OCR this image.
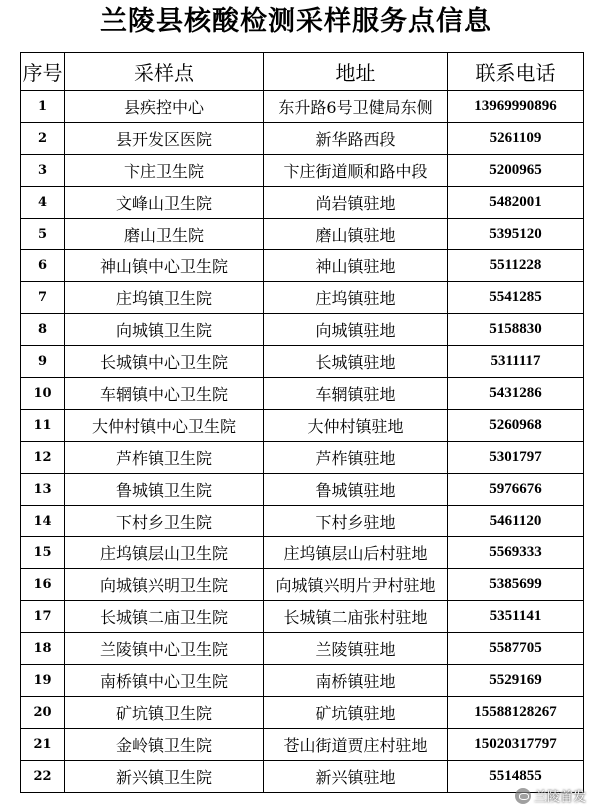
兰陵县核酸检测采样服务点信息
序号	采样点	地址	联系电话
1	县疾控中心	东升路6号卫健局东侧	13969990896
2	县开发区医院	新华路西段	5261109
3	卞庄卫生院	卞庄街道顺和路中段	5200965
4	文峰山卫生院	尚岩镇驻地	5482001
5	磨山卫生院	磨山镇驻地	5395120
6	神山镇中心卫生院	神山镇驻地	5511228
7	庄坞镇卫生院	庄坞镇驻地	5541285
8	向城镇卫生院	向城镇驻地	5158830
9	长城镇中心卫生院	长城镇驻地	5311117
10	车辋镇中心卫生院	车辋镇驻地	5431286
11	大仲村镇中心卫生院	大仲村镇驻地	5260968
12	芦柞镇卫生院	芦柞镇驻地	5301797
13	鲁城镇卫生院	鲁城镇驻地	5976676
14	下村乡卫生院	下村乡驻地	5461120
15	庄坞镇层山卫生院	庄坞镇层山后村驻地	5569333
16	向城镇兴明卫生院	向城镇兴明片尹村驻地	5385699
17	长城镇二庙卫生院	长城镇二庙张村驻地	5351141
18	兰陵镇中心卫生院	兰陵镇驻地	5587705
19	南桥镇中心卫生院	南桥镇驻地	5529169
20	矿坑镇卫生院	矿坑镇驻地	15588128267
21	金岭镇卫生院	苍山街道贾庄村驻地	15020317797
22	新兴镇卫生院	新兴镇驻地	5514855
兰陵首发
